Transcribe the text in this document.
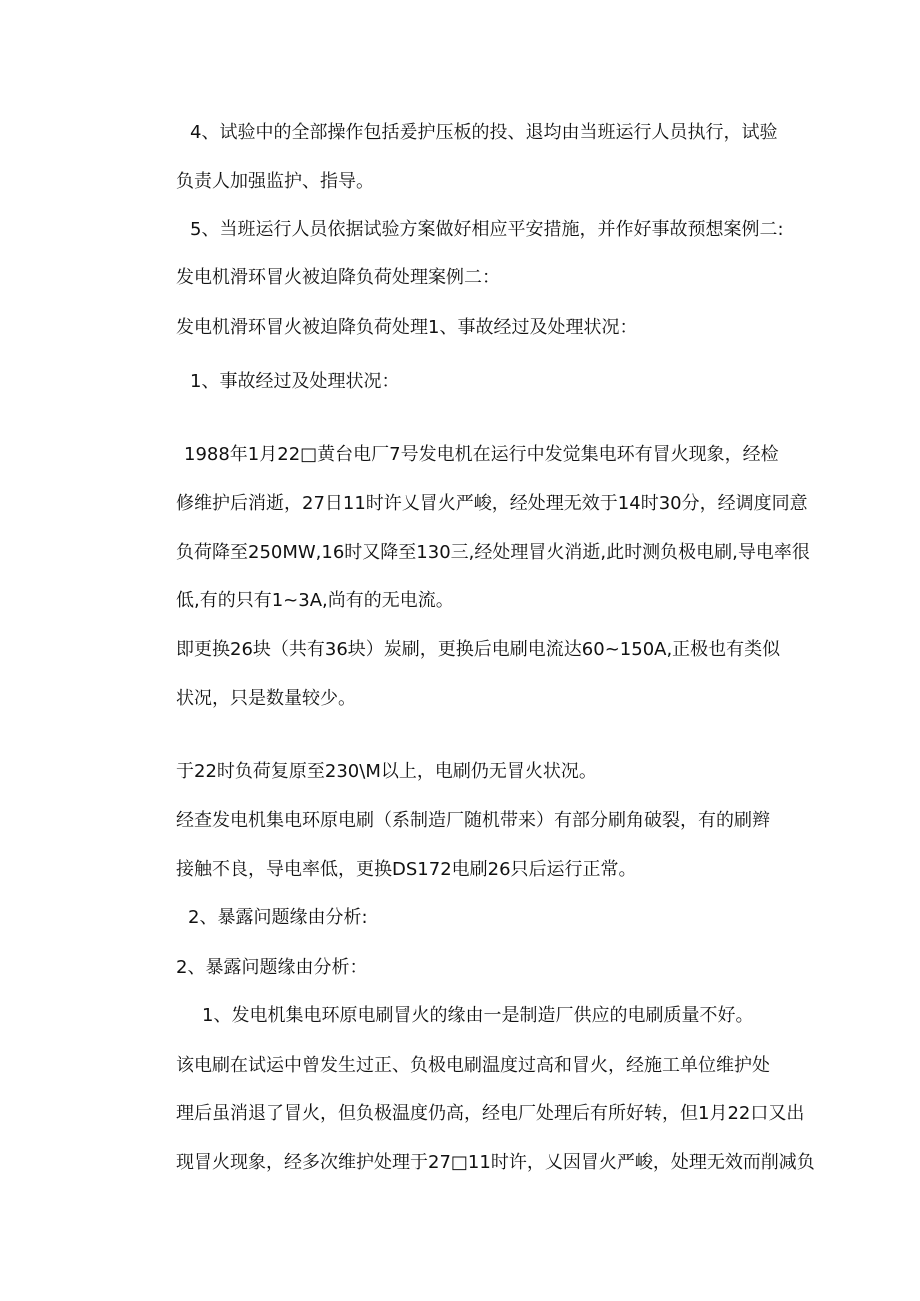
4、试验中的全部操作包括爰护压板的投、退均由当班运行人员执行，试验
负责人加强监护、指导。
5、当班运行人员依据试验方案做好相应平安措施，并作好事故预想案例二:
发电机滑环冒火被迫降负荷处理案例二：
发电机滑环冒火被迫降负荷处理1、事故经过及处理状况：
1、事故经过及处理状况：
1988年1月22□黄台电厂7号发电机在运行中发觉集电环有冒火现象，经检
修维护后消逝，27日11时许乂冒火严峻，经处理无效于14时30分，经调度同意
负荷降至250MW,16时又降至130三,经处理冒火消逝,此时测负极电刷,导电率很
低,有的只有1~3A,尚有的无电流。
即更换26块（共有36块）炭刷，更换后电刷电流达60~150A,正极也有类似
状况，只是数量较少。
于22时负荷复原至230\M以上，电刷仍无冒火状况。
经查发电机集电环原电刷（系制造厂随机带来）有部分刷角破裂，有的刷辫
接触不良，导电率低，更换DS172电刷26只后运行正常。
2、暴露问题缘由分析:
2、暴露问题缘由分析：
1、发电机集电环原电刷冒火的缘由一是制造厂供应的电刷质量不好。
该电刷在试运中曾发生过正、负极电刷温度过高和冒火，经施工单位维护处
理后虽消退了冒火，但负极温度仍高，经电厂处理后有所好转，但1月22口又出
现冒火现象，经多次维护处理于27□11时许，乂因冒火严峻，处理无效而削减负
